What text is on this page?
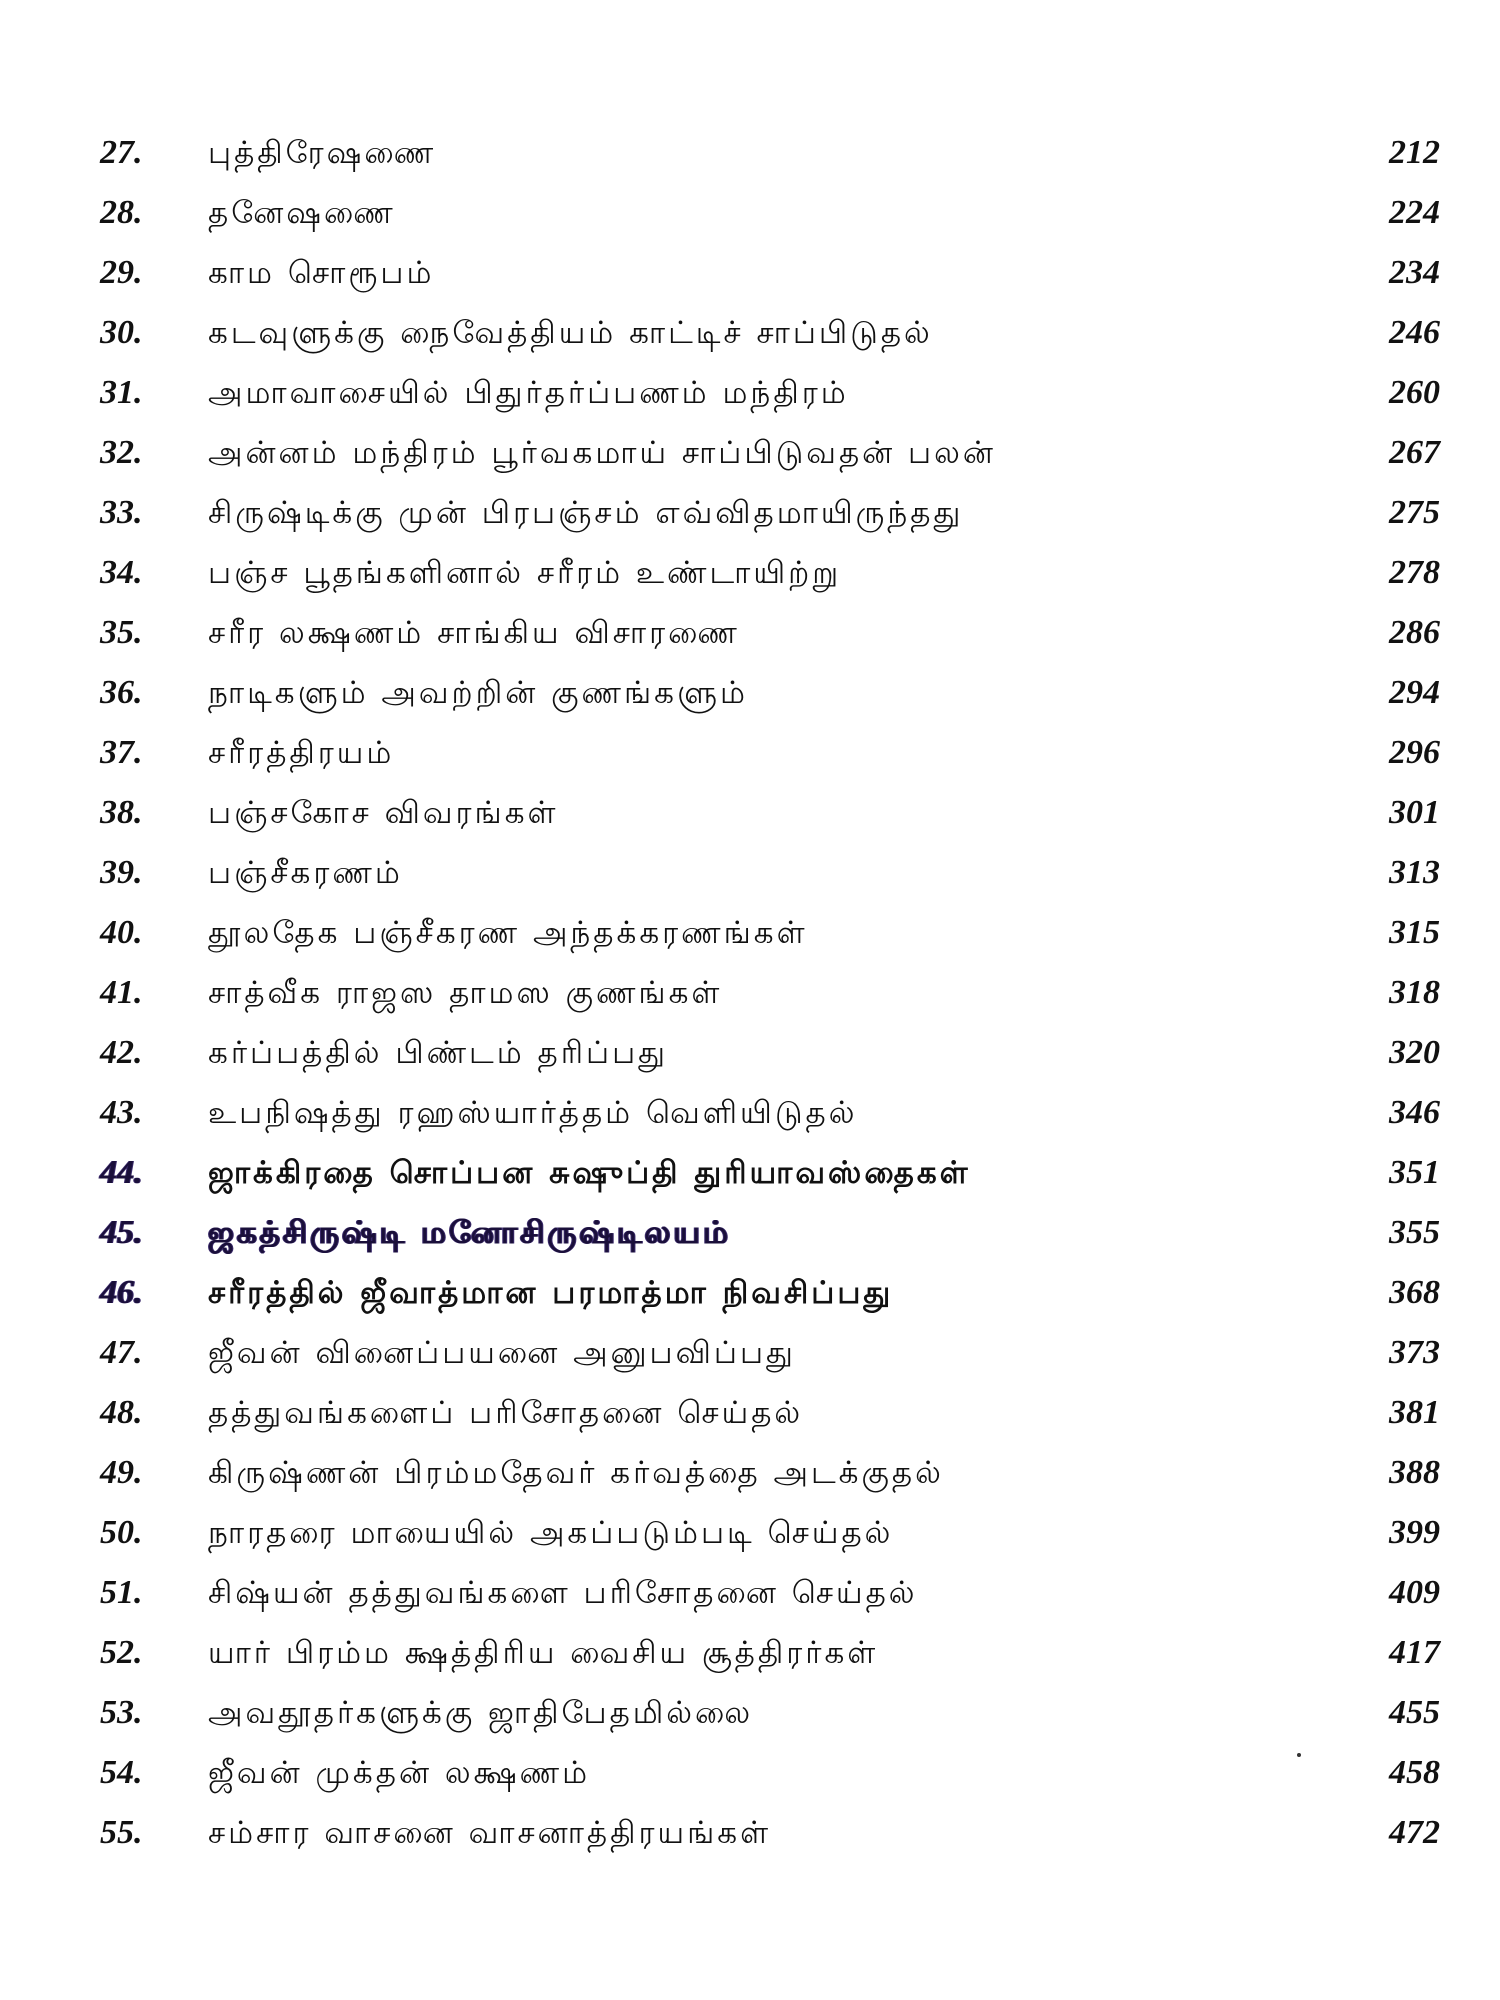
27.	புத்திரேஷணை	212
28.	தனேஷணை	224
29.	காம சொரூபம்	234
30.	கடவுளுக்கு நைவேத்தியம் காட்டிச் சாப்பிடுதல்	246
31.	அமாவாசையில் பிதுர்தர்ப்பணம் மந்திரம்	260
32.	அன்னம் மந்திரம் பூர்வகமாய் சாப்பிடுவதன் பலன்	267
33.	சிருஷ்டிக்கு முன் பிரபஞ்சம் எவ்விதமாயிருந்தது	275
34.	பஞ்ச பூதங்களினால் சரீரம் உண்டாயிற்று	278
35.	சரீர லக்ஷணம் சாங்கிய விசாரணை	286
36.	நாடிகளும் அவற்றின் குணங்களும்	294
37.	சரீரத்திரயம்	296
38.	பஞ்சகோச விவரங்கள்	301
39.	பஞ்சீகரணம்	313
40.	தூலதேக பஞ்சீகரண அந்தக்கரணங்கள்	315
41.	சாத்வீக ராஜஸ தாமஸ குணங்கள்	318
42.	கர்ப்பத்தில் பிண்டம் தரிப்பது	320
43.	உபநிஷத்து ரஹஸ்யார்த்தம் வெளியிடுதல்	346
44.	ஜாக்கிரதை சொப்பன சுஷுப்தி துரியாவஸ்தைகள்	351
45.	ஜகத்சிருஷ்டி மனோசிருஷ்டிலயம்	355
46.	சரீரத்தில் ஜீவாத்மான பரமாத்மா நிவசிப்பது	368
47.	ஜீவன் வினைப்பயனை அனுபவிப்பது	373
48.	தத்துவங்களைப் பரிசோதனை செய்தல்	381
49.	கிருஷ்ணன் பிரம்மதேவர் கர்வத்தை அடக்குதல்	388
50.	நாரதரை மாயையில் அகப்படும்படி செய்தல்	399
51.	சிஷ்யன் தத்துவங்களை பரிசோதனை செய்தல்	409
52.	யார் பிரம்ம க்ஷத்திரிய வைசிய சூத்திரர்கள்	417
53.	அவதூதர்களுக்கு ஜாதிபேதமில்லை	455
54.	ஜீவன் முக்தன் லக்ஷணம்	458
55.	சம்சார வாசனை வாசனாத்திரயங்கள்	472
